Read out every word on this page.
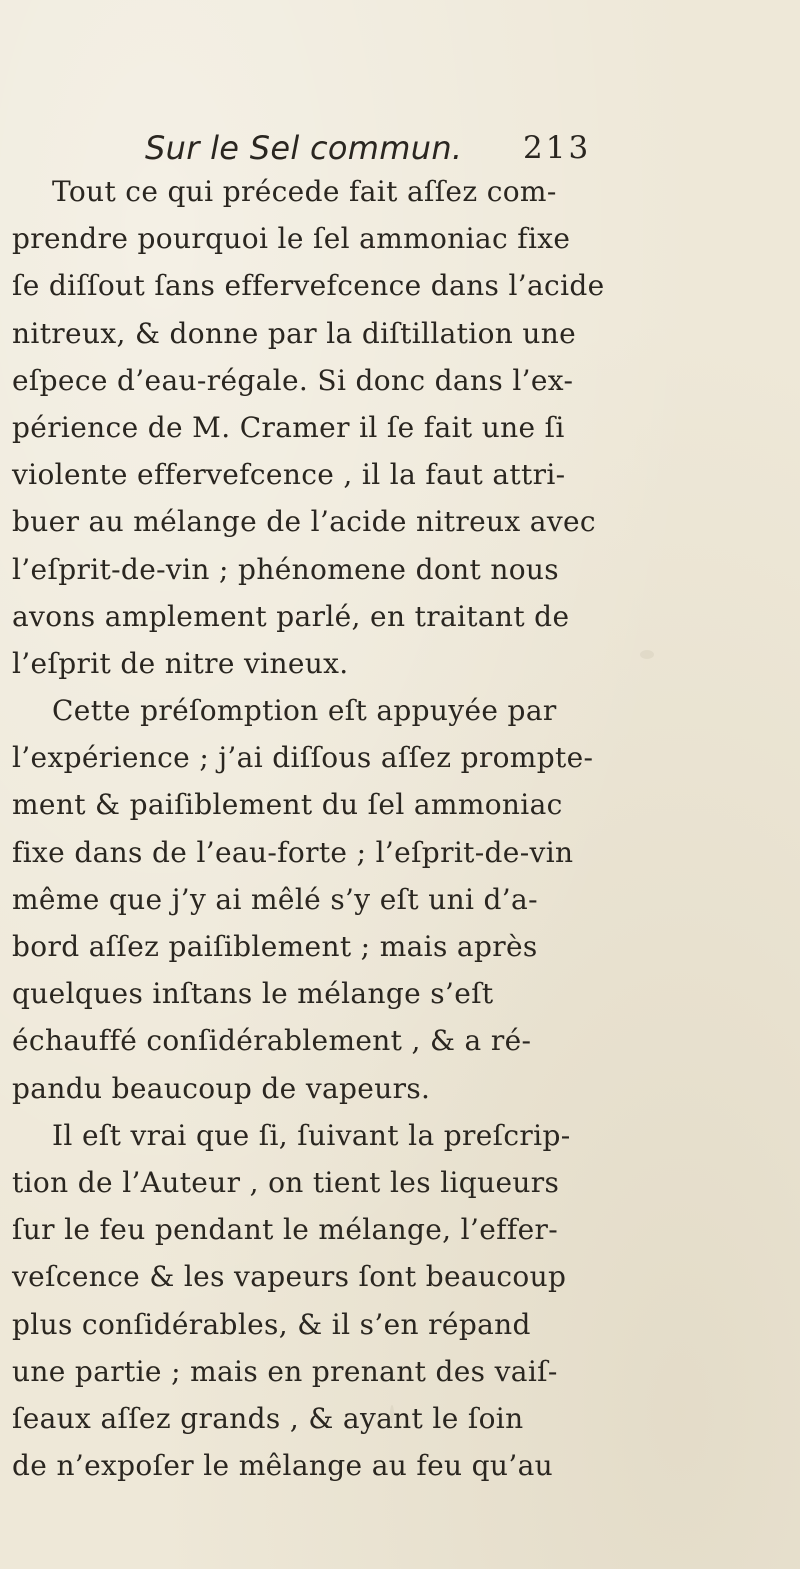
Sur le Sel commun. 213
Tout ce qui précede fait aſſez com-
prendre pourquoi le ſel ammoniac fixe
ſe diſſout ſans effervefcence dans l’acide
nitreux, & donne par la diſtillation une
eſpece d’eau-régale. Si donc dans l’ex-
périence de M. Cramer il ſe fait une ſi
violente effervefcence , il la faut attri-
buer au mélange de l’acide nitreux avec
l’eſprit-de-vin ; phénomene dont nous
avons amplement parlé, en traitant de
l’eſprit de nitre vineux.
Cette préſomption eſt appuyée par
l’expérience ; j’ai diſſous aſſez prompte-
ment & paiſiblement du ſel ammoniac
fixe dans de l’eau-forte ; l’eſprit-de-vin
même que j’y ai mêlé s’y eſt uni d’a-
bord aſſez paiſiblement ; mais après
quelques inſtans le mélange s’eſt
échauffé conſidérablement , & a ré-
pandu beaucoup de vapeurs.
Il eſt vrai que ſi, ſuivant la preſcrip-
tion de l’Auteur , on tient les liqueurs
ſur le feu pendant le mélange, l’effer-
veſcence & les vapeurs ſont beaucoup
plus conſidérables, & il s’en répand
une partie ; mais en prenant des vaiſ-
ſeaux aſſez grands , & ayant le ſoin
de n’expoſer le mêlange au feu qu’au
